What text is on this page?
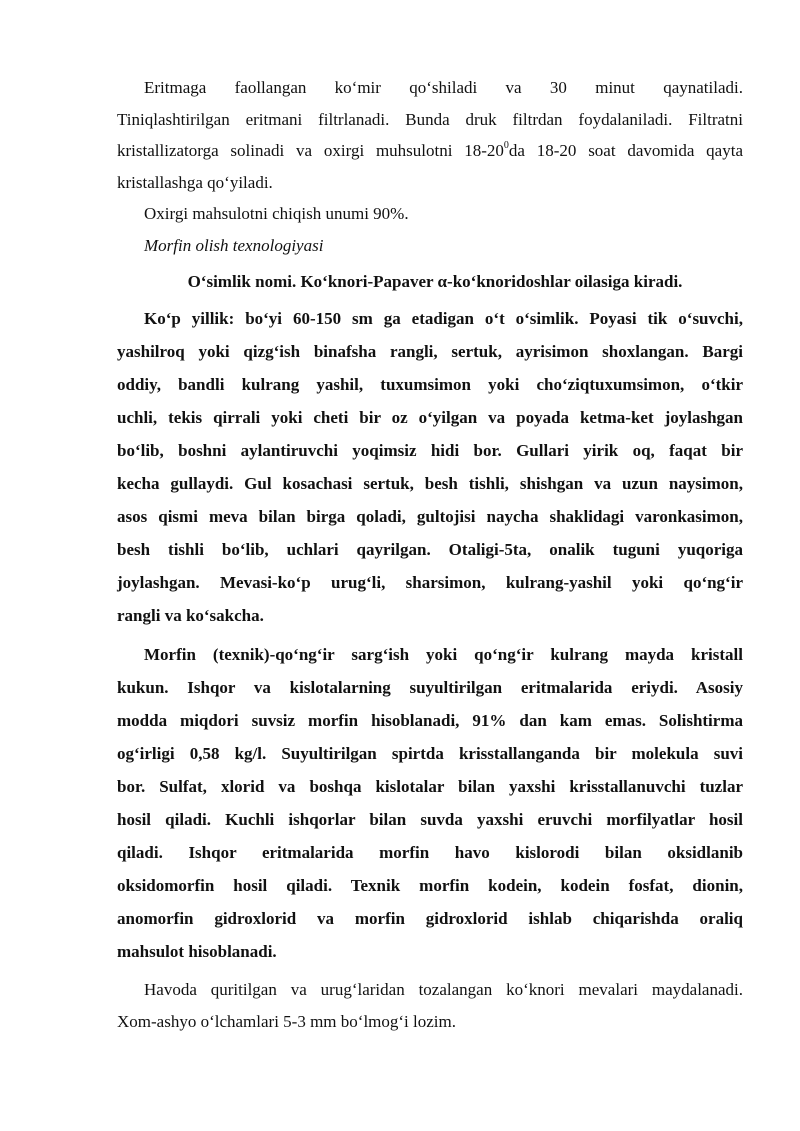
Eritmaga faollangan ko‘mir qo‘shiladi va 30 minut qaynatiladi.
Tiniqlashtirilgan eritmani filtrlanadi. Bunda druk filtrdan foydalaniladi. Filtratni
kristallizatorga solinadi va oxirgi muhsulotni $18-20^0da$ 18-20 soat davomida qayta
kristallashga qo‘yiladi.

Oxirgi mahsulotni chiqish unumi 90%.

Morfin olish texnologiyasi

O‘simlik nomi. Ko‘knori-Papaver α-ko‘knoridoshlar oilasiga kiradi.

Ko‘p yillik: bo‘yi 60-150 sm ga etadigan o‘t o‘simlik. Poyasi tik o‘suvchi,
yashilroq yoki qizg‘ish binafsha rangli, sertuk, ayrisimon shoxlangan. Bargi
oddiy, bandli kulrang yashil, tuxumsimon yoki cho‘ziqtuxumsimon, o‘tkir
uchli, tekis qirrali yoki cheti bir oz o‘yilgan va poyada ketma-ket joylashgan
bo‘lib, boshni aylantiruvchi yoqimsiz hidi bor. Gullari yirik oq, faqat bir
kecha gullaydi. Gul kosachasi sertuk, besh tishli, shishgan va uzun naysimon,
asos qismi meva bilan birga qoladi, gultojisi naycha shaklidagi varonkasimon,
besh tishli bo‘lib, uchlari qayrilgan. Otaligi-5ta, onalik tuguni yuqoriga
joylashgan. Mevasi-ko‘p urug‘li, sharsimon, kulrang-yashil yoki qo‘ng‘ir
rangli va ko‘sakcha.

Morfin (texnik)-qo‘ng‘ir sarg‘ish yoki qo‘ng‘ir kulrang mayda kristall
kukun. Ishqor va kislotalarning suyultirilgan eritmalarida eriydi. Asosiy
modda miqdori suvsiz morfin hisoblanadi, 91% dan kam emas. Solishtirma
og‘irligi 0,58 kg/l. Suyultirilgan spirtda krisstallanganda bir molekula suvi
bor. Sulfat, xlorid va boshqa kislotalar bilan yaxshi krisstallanuvchi tuzlar
hosil qiladi. Kuchli ishqorlar bilan suvda yaxshi eruvchi morfilyatlar hosil
qiladi. Ishqor eritmalarida morfin havo kislorodi bilan oksidlanib
oksidomorfin hosil qiladi. Texnik morfin kodein, kodein fosfat, dionin,
anomorfin gidroxlorid va morfin gidroxlorid ishlab chiqarishda oraliq
mahsulot hisoblanadi.

Havoda quritilgan va urug‘laridan tozalangan ko‘knori mevalari maydalanadi.
Xom-ashyo o‘lchamlari 5-3 mm bo‘lmog‘i lozim.
